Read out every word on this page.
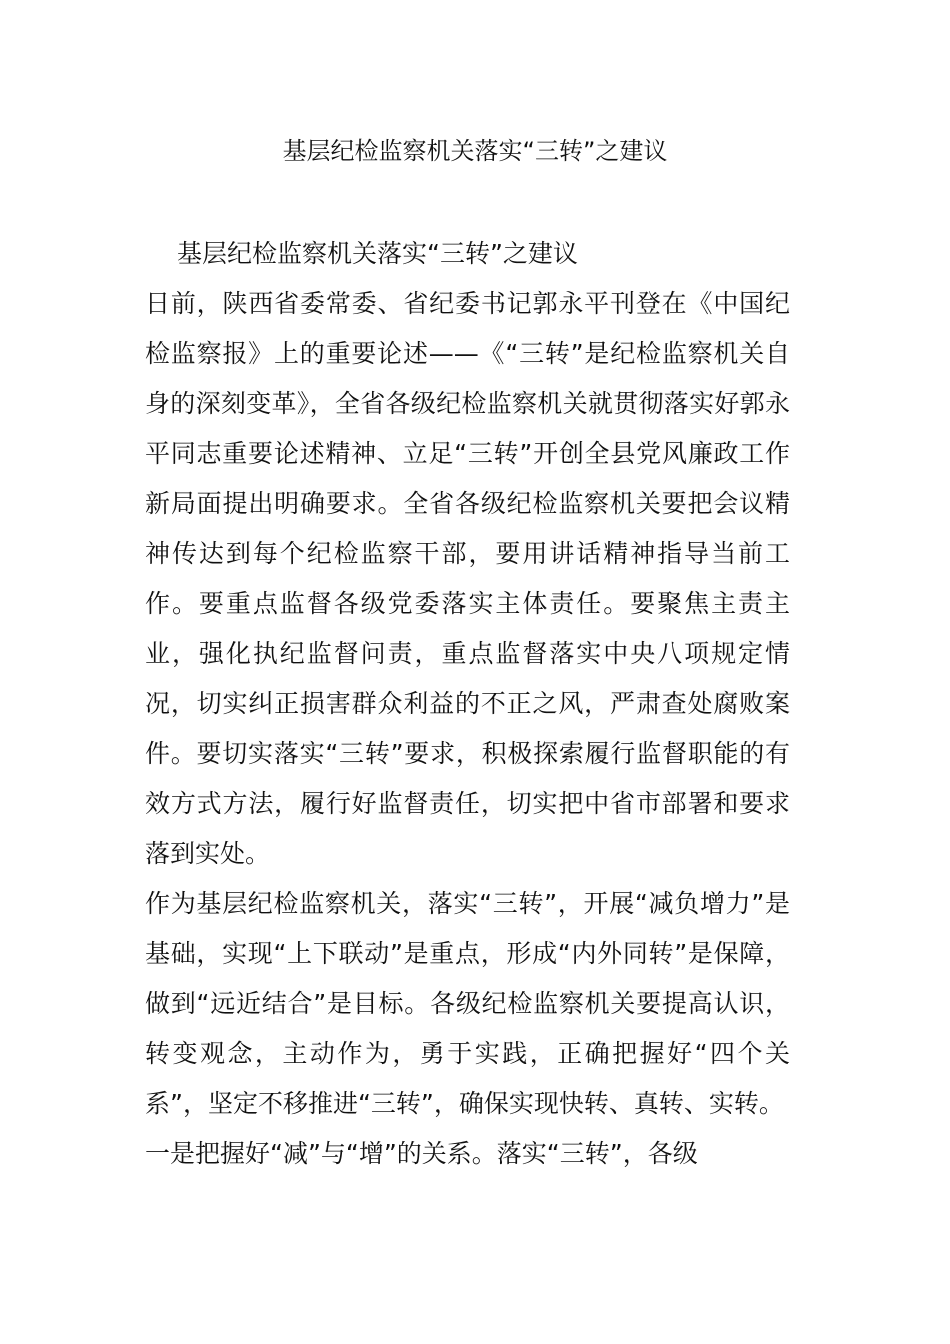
基层纪检监察机关落实“三转”之建议

基层纪检监察机关落实“三转”之建议

日前，陕西省委常委、省纪委书记郭永平刊登在《中国纪检监察报》上的重要论述——《“三转”是纪检监察机关自身的深刻变革》，全省各级纪检监察机关就贯彻落实好郭永平同志重要论述精神、立足“三转”开创全县党风廉政工作新局面提出明确要求。全省各级纪检监察机关要把会议精神传达到每个纪检监察干部，要用讲话精神指导当前工作。要重点监督各级党委落实主体责任。要聚焦主责主业，强化执纪监督问责，重点监督落实中央八项规定情况，切实纠正损害群众利益的不正之风，严肃查处腐败案件。要切实落实“三转”要求，积极探索履行监督职能的有效方式方法，履行好监督责任，切实把中省市部署和要求落到实处。

作为基层纪检监察机关，落实“三转”，开展“减负增力”是基础，实现“上下联动”是重点，形成“内外同转”是保障，做到“远近结合”是目标。各级纪检监察机关要提高认识，转变观念，主动作为，勇于实践，正确把握好“四个关系”，坚定不移推进“三转”，确保实现快转、真转、实转。

一是把握好“减”与“增”的关系。落实“三转”，各级
